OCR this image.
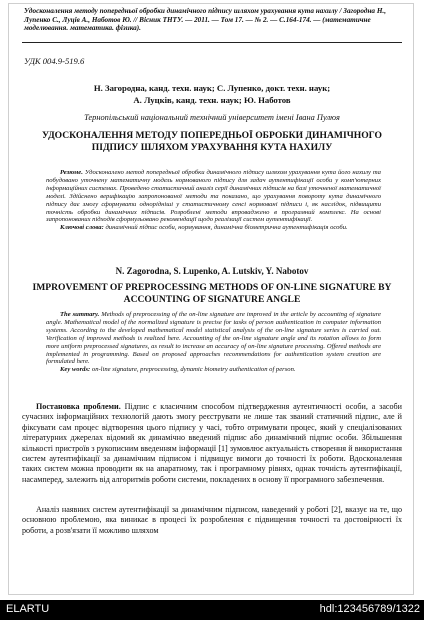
Удосконалення методу попередньої обробки динамічного підпису шляхом урахування кута нахилу / Загородна Н., Лупенко С., Луців А., Наботов Ю. // Вісник ТНТУ. — 2011. — Том 17. — № 2. — С.164-174. — (математичне моделювання. математика. фізика).
УДК 004.9-519.6
Н. Загородна, канд. техн. наук; С. Лупенко, докт. техн. наук;
А. Луцків, канд. техн. наук; Ю. Наботов
Тернопільський національний технічний університет імені Івана Пулюя
УДОСКОНАЛЕННЯ МЕТОДУ ПОПЕРЕДНЬОЇ ОБРОБКИ ДИНАМІЧНОГО ПІДПИСУ ШЛЯХОМ УРАХУВАННЯ КУТА НАХИЛУ
Резюме. Удосконалено метод попередньої обробки динамічного підпису шляхом урахування кута його нахилу та побудовано уточнену математичну модель нормованого підпису для задач аутентифікації особи у комп'ютерних інформаційних системах. Проведено статистичний аналіз серії динамічних підписів на базі уточненої математичної моделі. Здійснено верифікацію запропонованої методи та показано, що урахування повороту кута динамічного підпису дає змогу сформувати однорідніші у статистичному сенсі нормовані підписи і, як наслідок, підвищити точність обробки динамічних підписів. Розроблені методи впроваджено в програмний комплекс. На основі запропонованих підходів сформульовано рекомендації щодо реалізації систем аутентифікації.
Ключові слова: динамічний підпис особи, нормування, динамічна біометрична аутентифікація особи.
N. Zagorodna, S. Lupenko, A. Lutskiv, Y. Nabotov
IMPROVEMENT OF PREPROCESSING METHODS OF ON-LINE SIGNATURE BY ACCOUNTING OF SIGNATURE ANGLE
The summary. Methods of preprocessing of the on-line signature are improved in the article by accounting of signature angle. Mathematical model of the normalized signature is precise for tasks of person authentication in computer information systems. According to the developed mathematical model statistical analysis of the on-line signature series is carried out. Verification of improved methods is realized here. Accounting of the on-line signature angle and its rotation allows to form more uniform preprocessed signatures, as result to increase an accuracy of on-line signature processing. Offered methods are implemented in programming. Based on proposed approaches recommendations for authentication system creation are formulated here.
Key words: on-line signature, preprocessing, dynamic biometry authentication of person.
Постановка проблеми. Підпис є класичним способом підтвердження аутентичності особи, а засоби сучасних інформаційних технологій дають змогу реєструвати не лише так званий статичний підпис, але й фіксувати сам процес відтворення цього підпису у часі, тобто отримувати процес, який у спеціалізованих літературних джерелах відомий як динамічно введений підпис або динамічний підпис особи. Збільшення кількості пристроїв з рукописним введенням інформації [1] зумовлює актуальність створення й використання систем аутентифікації за динамічним підписом і підвищує вимоги до точності їх роботи. Вдосконалення таких систем можна проводити як на апаратному, так і програмному рівнях, однак точність аутентифікації, насамперед, залежить від алгоритмів роботи системи, покладених в основу її програмного забезпечення.
Аналіз наявних систем аутентифікації за динамічним підписом, наведений у роботі [2], вказує на те, що основною проблемою, яка виникає в процесі їх розроблення є підвищення точності та достовірності їх роботи, а розв'язати її можливо шляхом
ELARTU	hdl:123456789/1322
